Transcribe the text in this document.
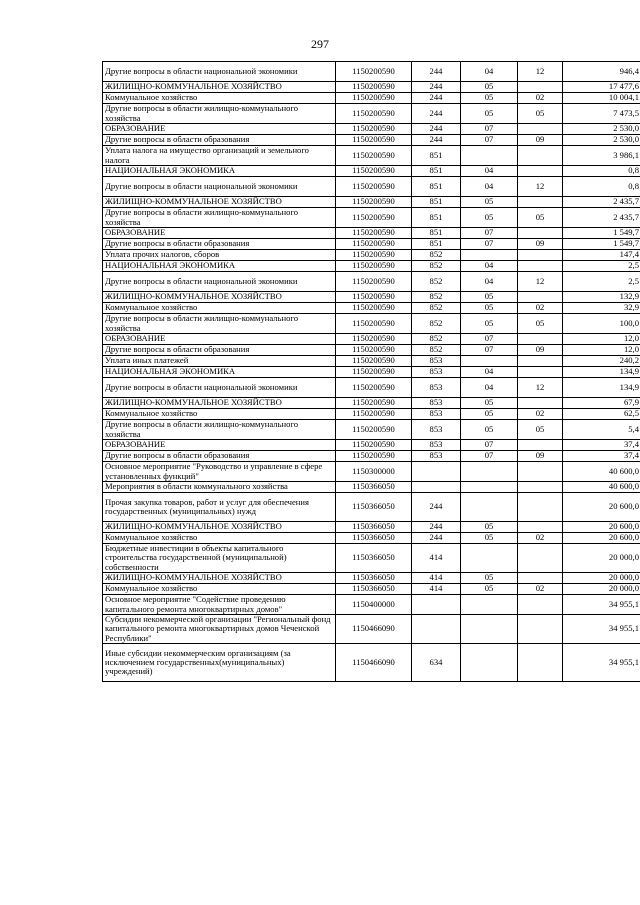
297
Другие вопросы в области национальной экономики	1150200590	244	04	12	946,4
ЖИЛИЩНО-КОММУНАЛЬНОЕ ХОЗЯЙСТВО	1150200590	244	05		17 477,6
Коммунальное хозяйство	1150200590	244	05	02	10 004,1
Другие вопросы в области жилищно-коммунального хозяйства	1150200590	244	05	05	7 473,5
ОБРАЗОВАНИЕ	1150200590	244	07		2 530,0
Другие вопросы в области образования	1150200590	244	07	09	2 530,0
Уплата налога на имущество организаций и земельного налога	1150200590	851			3 986,1
НАЦИОНАЛЬНАЯ ЭКОНОМИКА	1150200590	851	04		0,8
Другие вопросы в области национальной экономики	1150200590	851	04	12	0,8
ЖИЛИЩНО-КОММУНАЛЬНОЕ ХОЗЯЙСТВО	1150200590	851	05		2 435,7
Другие вопросы в области жилищно-коммунального хозяйства	1150200590	851	05	05	2 435,7
ОБРАЗОВАНИЕ	1150200590	851	07		1 549,7
Другие вопросы в области образования	1150200590	851	07	09	1 549,7
Уплата прочих налогов, сборов	1150200590	852			147,4
НАЦИОНАЛЬНАЯ ЭКОНОМИКА	1150200590	852	04		2,5
Другие вопросы в области национальной экономики	1150200590	852	04	12	2,5
ЖИЛИЩНО-КОММУНАЛЬНОЕ ХОЗЯЙСТВО	1150200590	852	05		132,9
Коммунальное хозяйство	1150200590	852	05	02	32,9
Другие вопросы в области жилищно-коммунального хозяйства	1150200590	852	05	05	100,0
ОБРАЗОВАНИЕ	1150200590	852	07		12,0
Другие вопросы в области образования	1150200590	852	07	09	12,0
Уплата иных платежей	1150200590	853			240,2
НАЦИОНАЛЬНАЯ ЭКОНОМИКА	1150200590	853	04		134,9
Другие вопросы в области национальной экономики	1150200590	853	04	12	134,9
ЖИЛИЩНО-КОММУНАЛЬНОЕ ХОЗЯЙСТВО	1150200590	853	05		67,9
Коммунальное хозяйство	1150200590	853	05	02	62,5
Другие вопросы в области жилищно-коммунального хозяйства	1150200590	853	05	05	5,4
ОБРАЗОВАНИЕ	1150200590	853	07		37,4
Другие вопросы в области образования	1150200590	853	07	09	37,4
Основное мероприятие "Руководство и управление в сфере установленных функций"	1150300000				40 600,0
Мероприятия в области коммунального хозяйства	1150366050				40 600,0
Прочая закупка товаров, работ и услуг для обеспечения государственных (муниципальных) нужд	1150366050	244			20 600,0
ЖИЛИЩНО-КОММУНАЛЬНОЕ ХОЗЯЙСТВО	1150366050	244	05		20 600,0
Коммунальное хозяйство	1150366050	244	05	02	20 600,0
Бюджетные инвестиции в объекты капитального строительства государственной (муниципальной) собственности	1150366050	414			20 000,0
ЖИЛИЩНО-КОММУНАЛЬНОЕ ХОЗЯЙСТВО	1150366050	414	05		20 000,0
Коммунальное хозяйство	1150366050	414	05	02	20 000,0
Основное мероприятие "Содействие проведению капитального ремонта многоквартирных домов"	1150400000				34 955,1
Субсидии некоммерческой организации "Региональный фонд капитального ремонта многоквартирных домов Чеченской Республики"	1150466090				34 955,1
Иные субсидии некоммерческим организациям (за исключением государственных(муниципальных) учреждений)	1150466090	634			34 955,1
